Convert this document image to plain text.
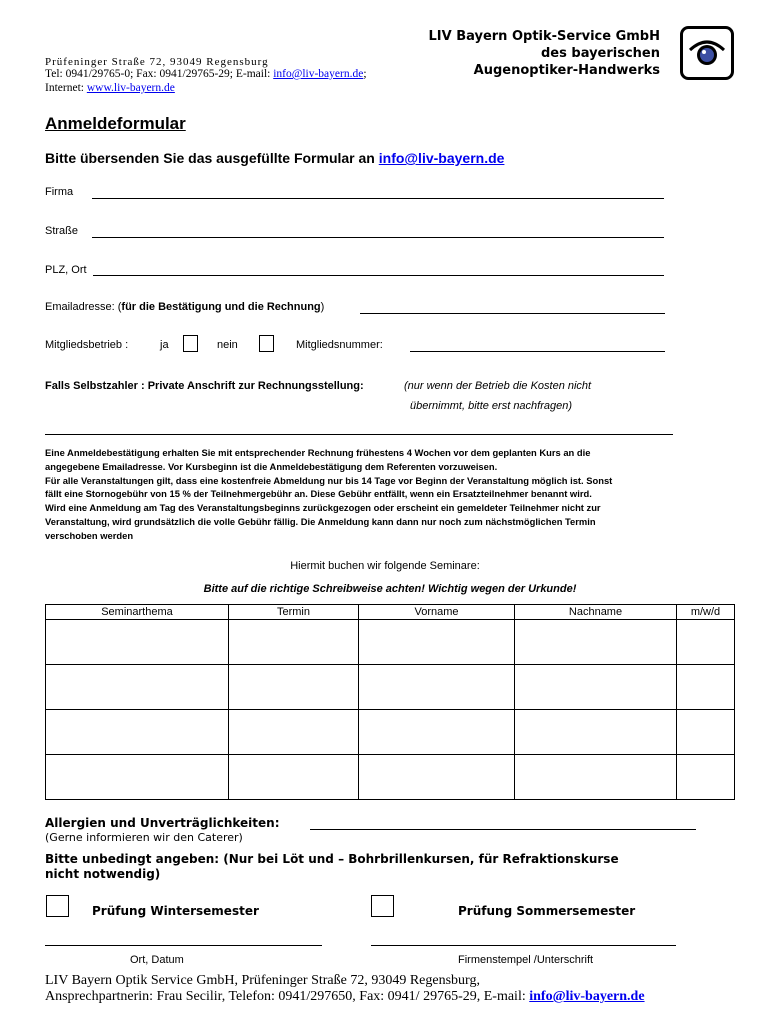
Prüfeninger Straße 72, 93049 Regensburg
Tel: 0941/29765-0; Fax: 0941/29765-29; E-mail: info@liv-bayern.de;
Internet: www.liv-bayern.de
LIV Bayern Optik-Service GmbH
des bayerischen
Augenoptiker-Handwerks
Anmeldeformular
Bitte übersenden Sie das ausgefüllte Formular an info@liv-bayern.de
Firma
Straße
PLZ, Ort
Emailadresse: (für die Bestätigung und die Rechnung)
Mitgliedsbetrieb :	ja	nein	Mitgliedsnummer:
Falls Selbstzahler : Private Anschrift zur Rechnungsstellung:	(nur wenn der Betrieb die Kosten nicht
übernimmt, bitte erst nachfragen)
Eine Anmeldebestätigung erhalten Sie mit entsprechender Rechnung frühestens 4 Wochen vor dem geplanten Kurs an die
angegebene Emailadresse. Vor Kursbeginn ist die Anmeldebestätigung dem Referenten vorzuweisen.
Für alle Veranstaltungen gilt, dass eine kostenfreie Abmeldung nur bis 14 Tage vor Beginn der Veranstaltung möglich ist. Sonst
fällt eine Stornogebühr von 15 % der Teilnehmergebühr an. Diese Gebühr entfällt, wenn ein Ersatzteilnehmer benannt wird.
Wird eine Anmeldung am Tag des Veranstaltungsbeginns zurückgezogen oder erscheint ein gemeldeter Teilnehmer nicht zur
Veranstaltung, wird grundsätzlich die volle Gebühr fällig. Die Anmeldung kann dann nur noch zum nächstmöglichen Termin
verschoben werden
Hiermit buchen wir folgende Seminare:
Bitte auf die richtige Schreibweise achten! Wichtig wegen der Urkunde!
Seminarthema	Termin	Vorname	Nachname	m/w/d

Allergien und Unverträglichkeiten:
(Gerne informieren wir den Caterer)
Bitte unbedingt angeben: (Nur bei Löt und – Bohrbrillenkursen, für Refraktionskurse
nicht notwendig)
Prüfung Wintersemester	Prüfung Sommersemester
Ort, Datum	Firmenstempel /Unterschrift
LIV Bayern Optik Service GmbH, Prüfeninger Straße 72, 93049 Regensburg,
Ansprechpartnerin: Frau Secilir, Telefon: 0941/297650, Fax: 0941/ 29765-29, E-mail: info@liv-bayern.de
